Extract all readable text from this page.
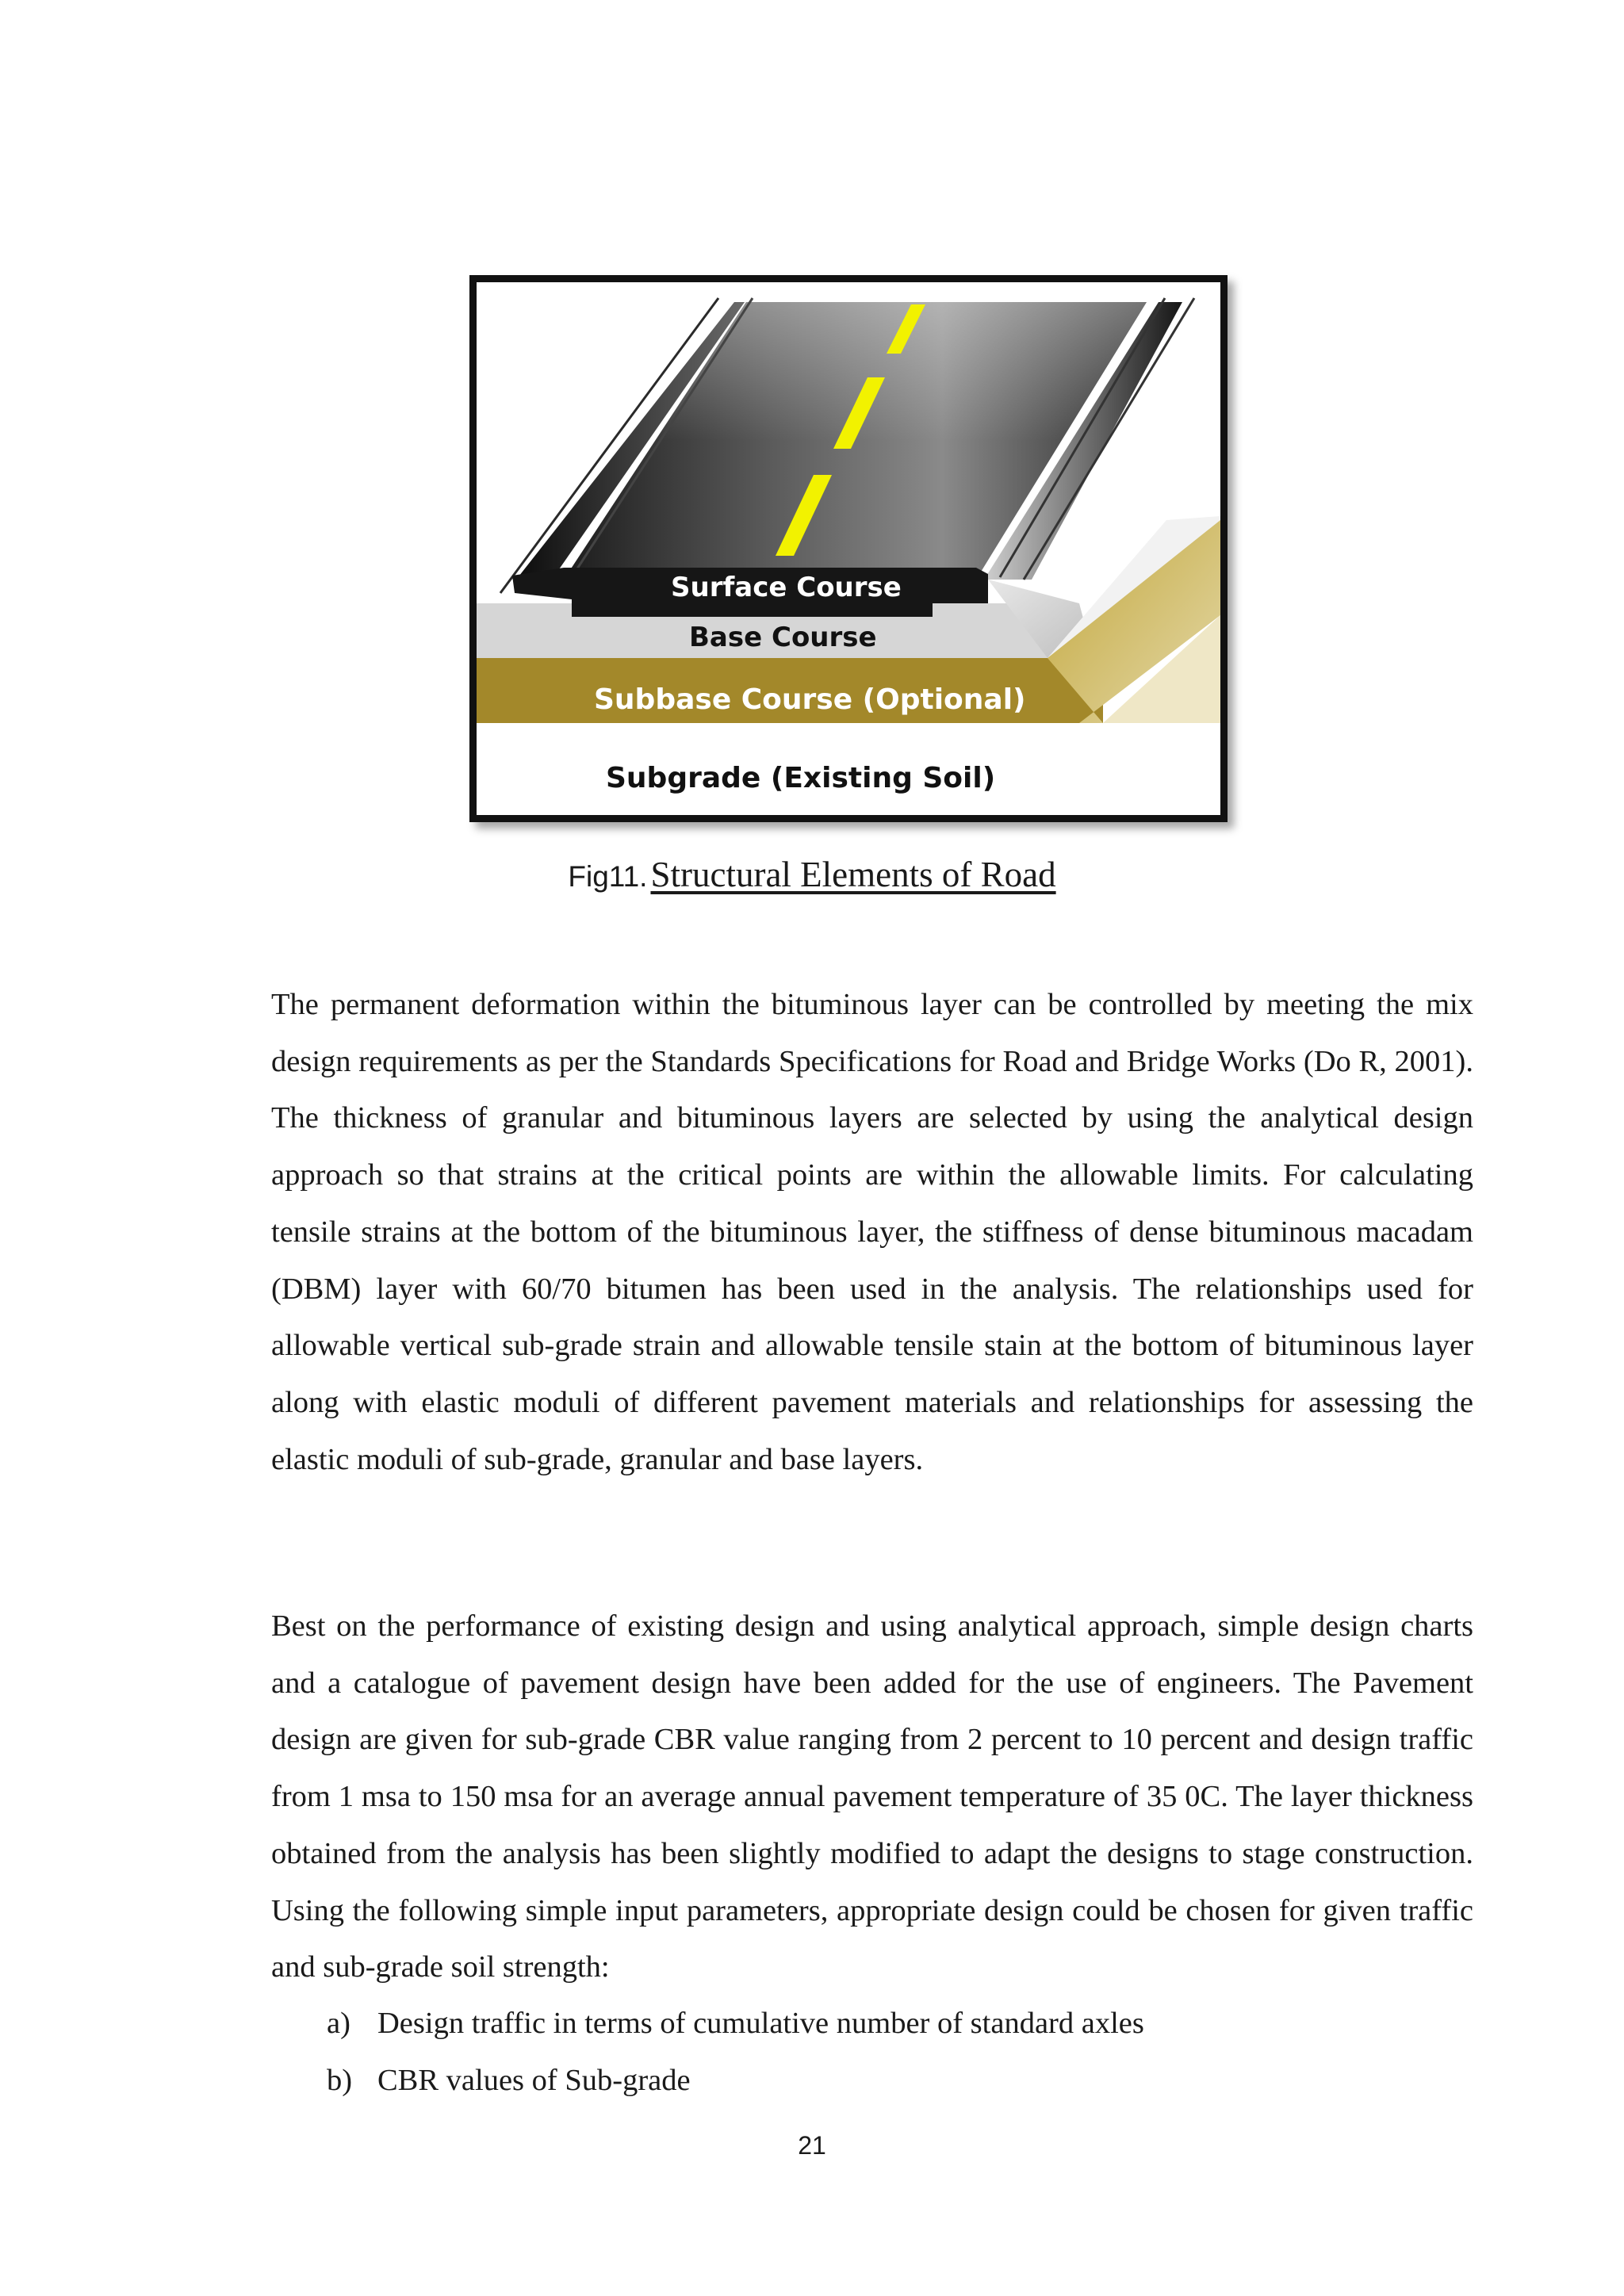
Surface Course
Base Course
Subbase Course (Optional)
Subgrade (Existing Soil)
Fig11. Structural Elements of Road

The permanent deformation within the bituminous layer can be controlled by meeting the mix design requirements as per the Standards Specifications for Road and Bridge Works (Do R, 2001). The thickness of granular and bituminous layers are selected by using the analytical design approach so that strains at the critical points are within the allowable limits. For calculating tensile strains at the bottom of the bituminous layer, the stiffness of dense bituminous macadam (DBM) layer with 60/70 bitumen has been used in the analysis. The relationships used for allowable vertical sub-grade strain and allowable tensile stain at the bottom of bituminous layer along with elastic moduli of different pavement materials and relationships for assessing the elastic moduli of sub-grade, granular and base layers.

Best on the performance of existing design and using analytical approach, simple design charts and a catalogue of pavement design have been added for the use of engineers. The Pavement design are given for sub-grade CBR value ranging from 2 percent to 10 percent and design traffic from 1 msa to 150 msa for an average annual pavement temperature of 35 0C. The layer thickness obtained from the analysis has been slightly modified to adapt the designs to stage construction. Using the following simple input parameters, appropriate design could be chosen for given traffic and sub-grade soil strength:

a) Design traffic in terms of cumulative number of standard axles
b) CBR values of Sub-grade
21
